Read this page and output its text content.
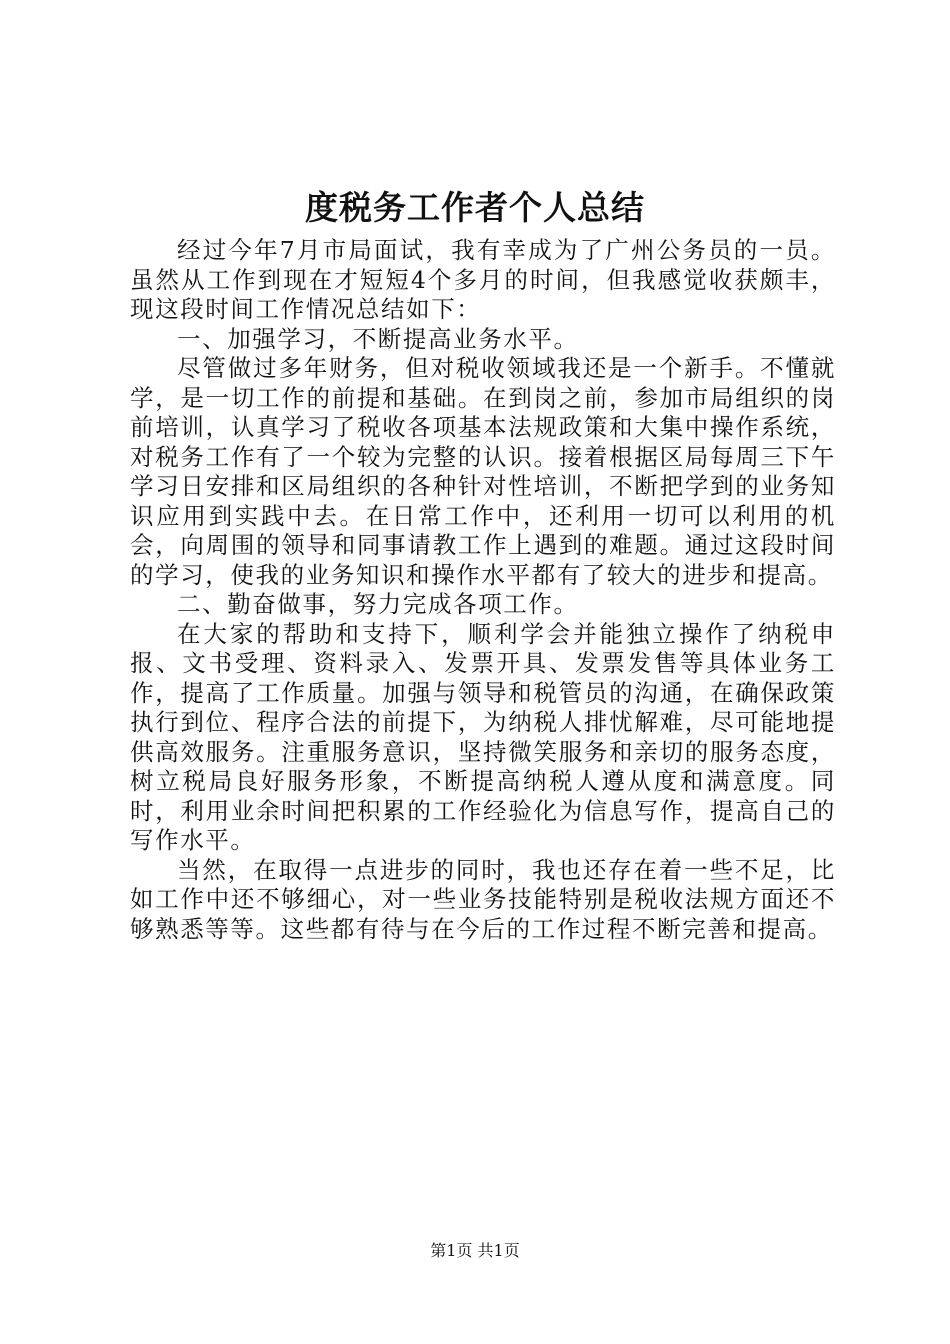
度税务工作者个人总结

经过今年7月市局面试，我有幸成为了广州公务员的一员。虽然从工作到现在才短短4个多月的时间，但我感觉收获颇丰，现这段时间工作情况总结如下：

一、加强学习，不断提高业务水平。

尽管做过多年财务，但对税收领域我还是一个新手。不懂就学，是一切工作的前提和基础。在到岗之前，参加市局组织的岗前培训，认真学习了税收各项基本法规政策和大集中操作系统，对税务工作有了一个较为完整的认识。接着根据区局每周三下午学习日安排和区局组织的各种针对性培训，不断把学到的业务知识应用到实践中去。在日常工作中，还利用一切可以利用的机会，向周围的领导和同事请教工作上遇到的难题。通过这段时间的学习，使我的业务知识和操作水平都有了较大的进步和提高。

二、勤奋做事，努力完成各项工作。

在大家的帮助和支持下，顺利学会并能独立操作了纳税申报、文书受理、资料录入、发票开具、发票发售等具体业务工作，提高了工作质量。加强与领导和税管员的沟通，在确保政策执行到位、程序合法的前提下，为纳税人排忧解难，尽可能地提供高效服务。注重服务意识，坚持微笑服务和亲切的服务态度，树立税局良好服务形象，不断提高纳税人遵从度和满意度。同时，利用业余时间把积累的工作经验化为信息写作，提高自己的写作水平。

当然，在取得一点进步的同时，我也还存在着一些不足，比如工作中还不够细心，对一些业务技能特别是税收法规方面还不够熟悉等等。这些都有待与在今后的工作过程不断完善和提高。

第1页 共1页
